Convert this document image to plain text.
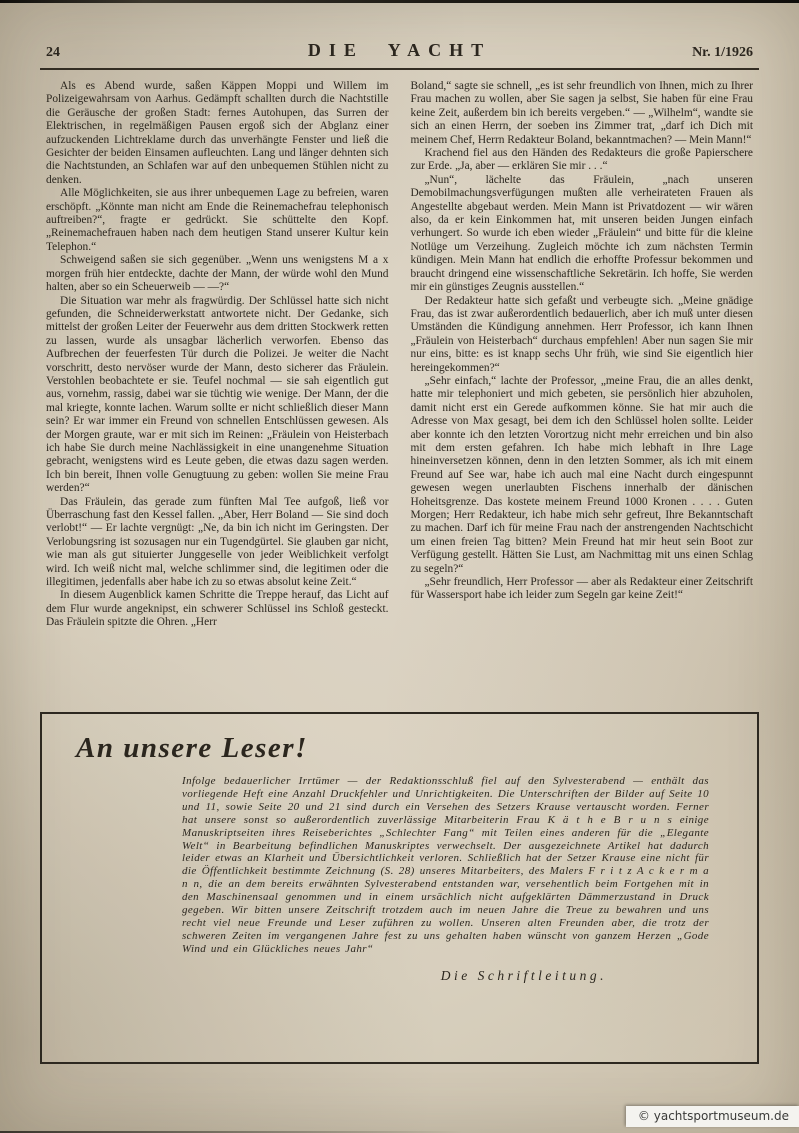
24	DIE YACHT	Nr. 1/1926

Als es Abend wurde, saßen Käppen Moppi und Willem im Polizeigewahrsam von Aarhus. Gedämpft schallten durch die Nachtstille die Geräusche der großen Stadt: fernes Autohupen, das Surren der Elektrischen, in regelmäßigen Pausen ergoß sich der Abglanz einer aufzuckenden Lichtreklame durch das unverhängte Fenster und ließ die Gesichter der beiden Einsamen aufleuchten. Lang und länger dehnten sich die Nachtstunden, an Schlafen war auf den unbequemen Stühlen nicht zu denken.

Alle Möglichkeiten, sie aus ihrer unbequemen Lage zu befreien, waren erschöpft. „Könnte man nicht am Ende die Reinemachefrau telephonisch auftreiben?“, fragte er gedrückt. Sie schüttelte den Kopf. „Reinemachefrauen haben nach dem heutigen Stand unserer Kultur kein Telephon.“

Schweigend saßen sie sich gegenüber. „Wenn uns wenigstens M a x morgen früh hier entdeckte, dachte der Mann, der würde wohl den Mund halten, aber so ein Scheuerweib — —?“

Die Situation war mehr als fragwürdig. Der Schlüssel hatte sich nicht gefunden, die Schneiderwerkstatt antwortete nicht. Der Gedanke, sich mittelst der großen Leiter der Feuerwehr aus dem dritten Stockwerk retten zu lassen, wurde als unsagbar lächerlich verworfen. Ebenso das Aufbrechen der feuerfesten Tür durch die Polizei. Je weiter die Nacht vorschritt, desto nervöser wurde der Mann, desto sicherer das Fräulein. Verstohlen beobachtete er sie. Teufel nochmal — sie sah eigentlich gut aus, vornehm, rassig, dabei war sie tüchtig wie wenige. Der Mann, der die mal kriegte, konnte lachen. Warum sollte er nicht schließlich dieser Mann sein? Er war immer ein Freund von schnellen Entschlüssen gewesen. Als der Morgen graute, war er mit sich im Reinen: „Fräulein von Heisterbach ich habe Sie durch meine Nachlässigkeit in eine unangenehme Situation gebracht, wenigstens wird es Leute geben, die etwas dazu sagen werden. Ich bin bereit, Ihnen volle Genugtuung zu geben: wollen Sie meine Frau werden?“

Das Fräulein, das gerade zum fünften Mal Tee aufgoß, ließ vor Überraschung fast den Kessel fallen. „Aber, Herr Boland — Sie sind doch verlobt!“ — Er lachte vergnügt: „Ne, da bin ich nicht im Geringsten. Der Verlobungsring ist sozusagen nur ein Tugendgürtel. Sie glauben gar nicht, wie man als gut situierter Junggeselle von jeder Weiblichkeit verfolgt wird. Ich weiß nicht mal, welche schlimmer sind, die legitimen oder die illegitimen, jedenfalls aber habe ich zu so etwas absolut keine Zeit.“

In diesem Augenblick kamen Schritte die Treppe herauf, das Licht auf dem Flur wurde angeknipst, ein schwerer Schlüssel ins Schloß gesteckt. Das Fräulein spitzte die Ohren. „Herr

Boland,“ sagte sie schnell, „es ist sehr freundlich von Ihnen, mich zu Ihrer Frau machen zu wollen, aber Sie sagen ja selbst, Sie haben für eine Frau keine Zeit, außerdem bin ich bereits vergeben.“ — „Wilhelm“, wandte sie sich an einen Herrn, der soeben ins Zimmer trat, „darf ich Dich mit meinem Chef, Herrn Redakteur Boland, bekanntmachen? — Mein Mann!“

Krachend fiel aus den Händen des Redakteurs die große Papierschere zur Erde. „Ja, aber — erklären Sie mir . . .“

„Nun“, lächelte das Fräulein, „nach unseren Demobilmachungsverfügungen mußten alle verheirateten Frauen als Angestellte abgebaut werden. Mein Mann ist Privatdozent — wir wären also, da er kein Einkommen hat, mit unseren beiden Jungen einfach verhungert. So wurde ich eben wieder „Fräulein“ und bitte für die kleine Notlüge um Verzeihung. Zugleich möchte ich zum nächsten Termin kündigen. Mein Mann hat endlich die erhoffte Professur bekommen und braucht dringend eine wissenschaftliche Sekretärin. Ich hoffe, Sie werden mir ein günstiges Zeugnis ausstellen.“

Der Redakteur hatte sich gefaßt und verbeugte sich. „Meine gnädige Frau, das ist zwar außerordentlich bedauerlich, aber ich muß unter diesen Umständen die Kündigung annehmen. Herr Professor, ich kann Ihnen „Fräulein von Heisterbach“ durchaus empfehlen! Aber nun sagen Sie mir nur eins, bitte: es ist knapp sechs Uhr früh, wie sind Sie eigentlich hier hereingekommen?“

„Sehr einfach,“ lachte der Professor, „meine Frau, die an alles denkt, hatte mir telephoniert und mich gebeten, sie persönlich hier abzuholen, damit nicht erst ein Gerede aufkommen könne. Sie hat mir auch die Adresse von Max gesagt, bei dem ich den Schlüssel holen sollte. Leider aber konnte ich den letzten Vorortzug nicht mehr erreichen und bin also mit dem ersten gefahren. Ich habe mich lebhaft in Ihre Lage hineinversetzen können, denn in den letzten Sommer, als ich mit einem Freund auf See war, habe ich auch mal eine Nacht durch eingespunnt gewesen wegen unerlaubten Fischens innerhalb der dänischen Hoheitsgrenze. Das kostete meinem Freund 1000 Kronen . . . . Guten Morgen; Herr Redakteur, ich habe mich sehr gefreut, Ihre Bekanntschaft zu machen. Darf ich für meine Frau nach der anstrengenden Nachtschicht um einen freien Tag bitten? Mein Freund hat mir heut sein Boot zur Verfügung gestellt. Hätten Sie Lust, am Nachmittag mit uns einen Schlag zu segeln?“

„Sehr freundlich, Herr Professor — aber als Redakteur einer Zeitschrift für Wassersport habe ich leider zum Segeln gar keine Zeit!“

An unsere Leser!

Infolge bedauerlicher Irrtümer — der Redaktionsschluß fiel auf den Sylvesterabend — enthält das vorliegende Heft eine Anzahl Druckfehler und Unrichtigkeiten. Die Unterschriften der Bilder auf Seite 10 und 11, sowie Seite 20 und 21 sind durch ein Versehen des Setzers Krause vertauscht worden. Ferner hat unsere sonst so außerordentlich zuverlässige Mitarbeiterin Frau K ä t h e B r u n s einige Manuskriptseiten ihres Reiseberichtes „Schlechter Fang“ mit Teilen eines anderen für die „Elegante Welt“ in Bearbeitung befindlichen Manuskriptes verwechselt. Der ausgezeichnete Artikel hat dadurch leider etwas an Klarheit und Übersichtlichkeit verloren. Schließlich hat der Setzer Krause eine nicht für die Öffentlichkeit bestimmte Zeichnung (S. 28) unseres Mitarbeiters, des Malers F r i t z A c k e r m a n n, die an dem bereits erwähnten Sylvesterabend entstanden war, versehentlich beim Fortgehen mit in den Maschinensaal genommen und in einem ursächlich nicht aufgeklärten Dämmerzustand in Druck gegeben. Wir bitten unsere Zeitschrift trotzdem auch im neuen Jahre die Treue zu bewahren und uns recht viel neue Freunde und Leser zuführen zu wollen. Unseren alten Freunden aber, die trotz der schweren Zeiten im vergangenen Jahre fest zu uns gehalten haben wünscht von ganzem Herzen „Gode Wind und ein Glückliches neues Jahr“

Die Schriftleitung.

© yachtsportmuseum.de
